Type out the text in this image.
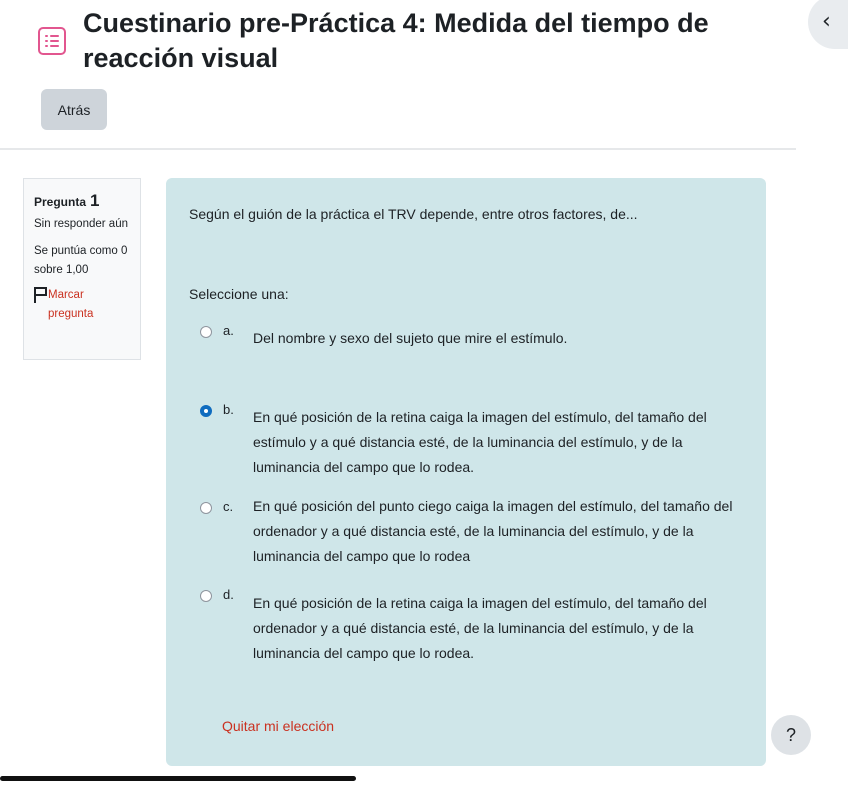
Cuestinario pre-Práctica 4: Medida del tiempo de reacción visual
‹
Atrás
Pregunta 1
Sin responder aún
Se puntúa como 0 sobre 1,00
Marcar pregunta
Según el guión de la práctica el TRV depende, entre otros factores, de...
Seleccione una:
a. Del nombre y sexo del sujeto que mire el estímulo.
b. En qué posición de la retina caiga la imagen del estímulo, del tamaño del estímulo y a qué distancia esté, de la luminancia del estímulo, y de la luminancia del campo que lo rodea.
c. En qué posición del punto ciego caiga la imagen del estímulo, del tamaño del ordenador y a qué distancia esté, de la luminancia del estímulo, y de la luminancia del campo que lo rodea
d.
En qué posición de la retina caiga la imagen del estímulo, del tamaño del ordenador y a qué distancia esté, de la luminancia del estímulo, y de la luminancia del campo que lo rodea.
Quitar mi elección	?
